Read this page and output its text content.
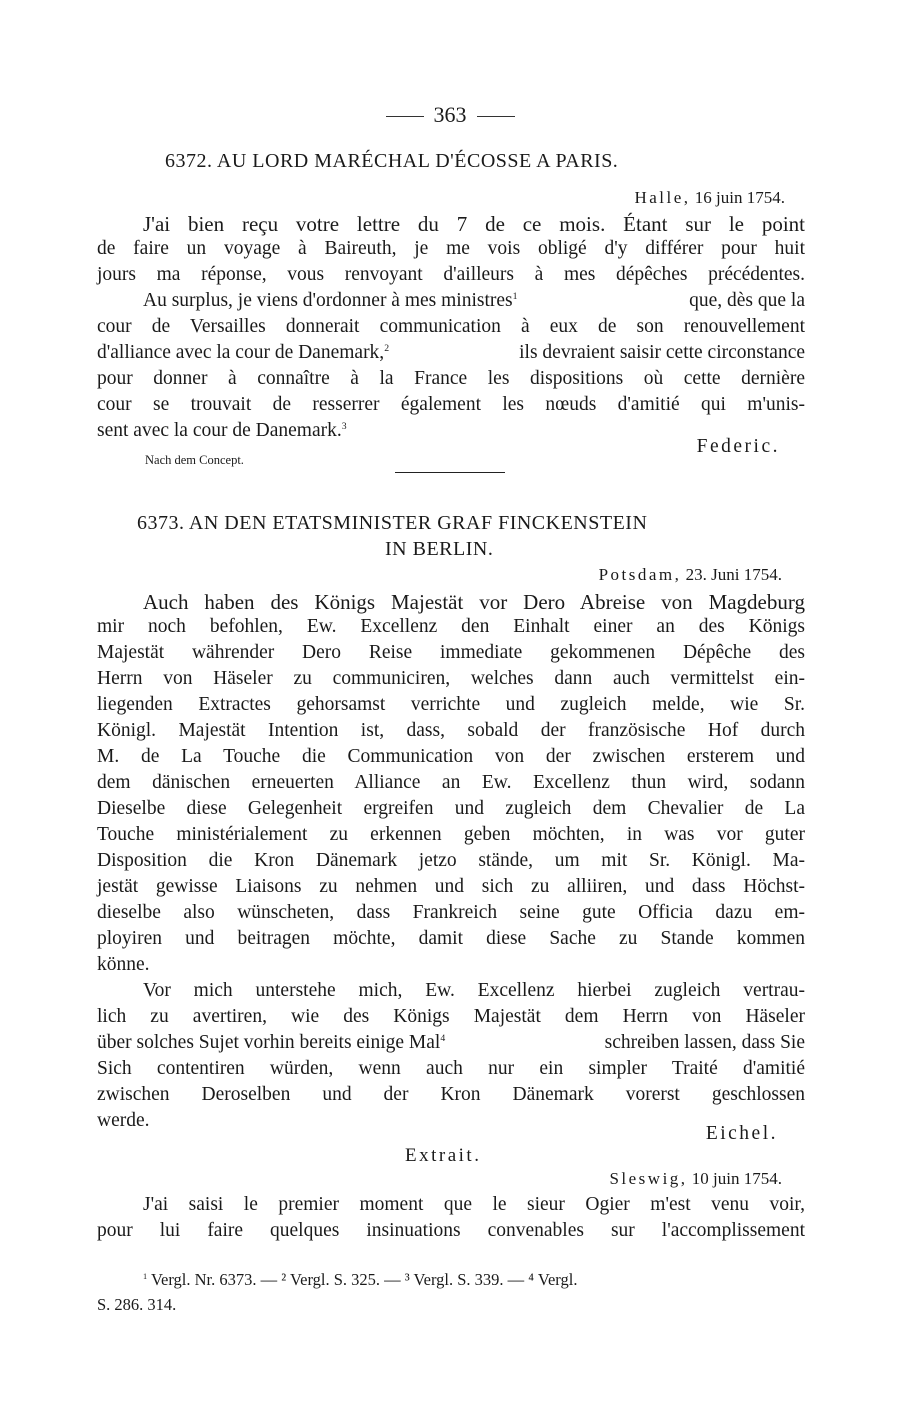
363
6372. AU LORD MARÉCHAL D'ÉCOSSE A PARIS.
Halle, 16 juin 1754.
J'ai bien reçu votre lettre du 7 de ce mois. Étant sur le point
de faire un voyage à Baireuth, je me vois obligé d'y différer pour huit
jours ma réponse, vous renvoyant d'ailleurs à mes dépêches précédentes.
Au surplus, je viens d'ordonner à mes ministres$^1$	que, dès que la
cour de Versailles donnerait communication à eux de son renouvellement
d'alliance avec la cour de Danemark,$^2$	ils devraient saisir cette circonstance
pour donner à connaître à la France les dispositions où cette dernière
cour se trouvait de resserrer également les nœuds d'amitié qui m'unis-
sent avec la cour de Danemark.$^3$
Federic.
Nach dem Concept.
6373. AN DEN ETATSMINISTER GRAF FINCKENSTEIN
IN BERLIN.
Potsdam, 23. Juni 1754.
Auch haben des Königs Majestät vor Dero Abreise von Magdeburg
mir noch befohlen, Ew. Excellenz den Einhalt einer an des Königs
Majestät währender Dero Reise immediate gekommenen Dépêche des
Herrn von Häseler zu communiciren, welches dann auch vermittelst ein-
liegenden Extractes gehorsamst verrichte und zugleich melde, wie Sr.
Königl. Majestät Intention ist, dass, sobald der französische Hof durch
M. de La Touche die Communication von der zwischen ersterem und
dem dänischen erneuerten Alliance an Ew. Excellenz thun wird, sodann
Dieselbe diese Gelegenheit ergreifen und zugleich dem Chevalier de La
Touche ministérialement zu erkennen geben möchten, in was vor guter
Disposition die Kron Dänemark jetzo stände, um mit Sr. Königl. Ma-
jestät gewisse Liaisons zu nehmen und sich zu alliiren, und dass Höchst-
dieselbe also wünscheten, dass Frankreich seine gute Officia dazu em-
ployiren und beitragen möchte, damit diese Sache zu Stande kommen
könne.
Vor mich unterstehe mich, Ew. Excellenz hierbei zugleich vertrau-
lich zu avertiren, wie des Königs Majestät dem Herrn von Häseler
über solches Sujet vorhin bereits einige Mal$^4$	schreiben lassen, dass Sie
Sich contentiren würden, wenn auch nur ein simpler Traité d'amitié
zwischen Deroselben und der Kron Dänemark vorerst geschlossen
werde.
Eichel.
Extrait.
Sleswig, 10 juin 1754.
J'ai saisi le premier moment que le sieur Ogier m'est venu voir,
pour lui faire quelques insinuations convenables sur l'accomplissement
$^1$ Vergl. Nr. 6373. — ² Vergl. S. 325. — ³ Vergl. S. 339. — ⁴ Vergl.
S. 286. 314.
